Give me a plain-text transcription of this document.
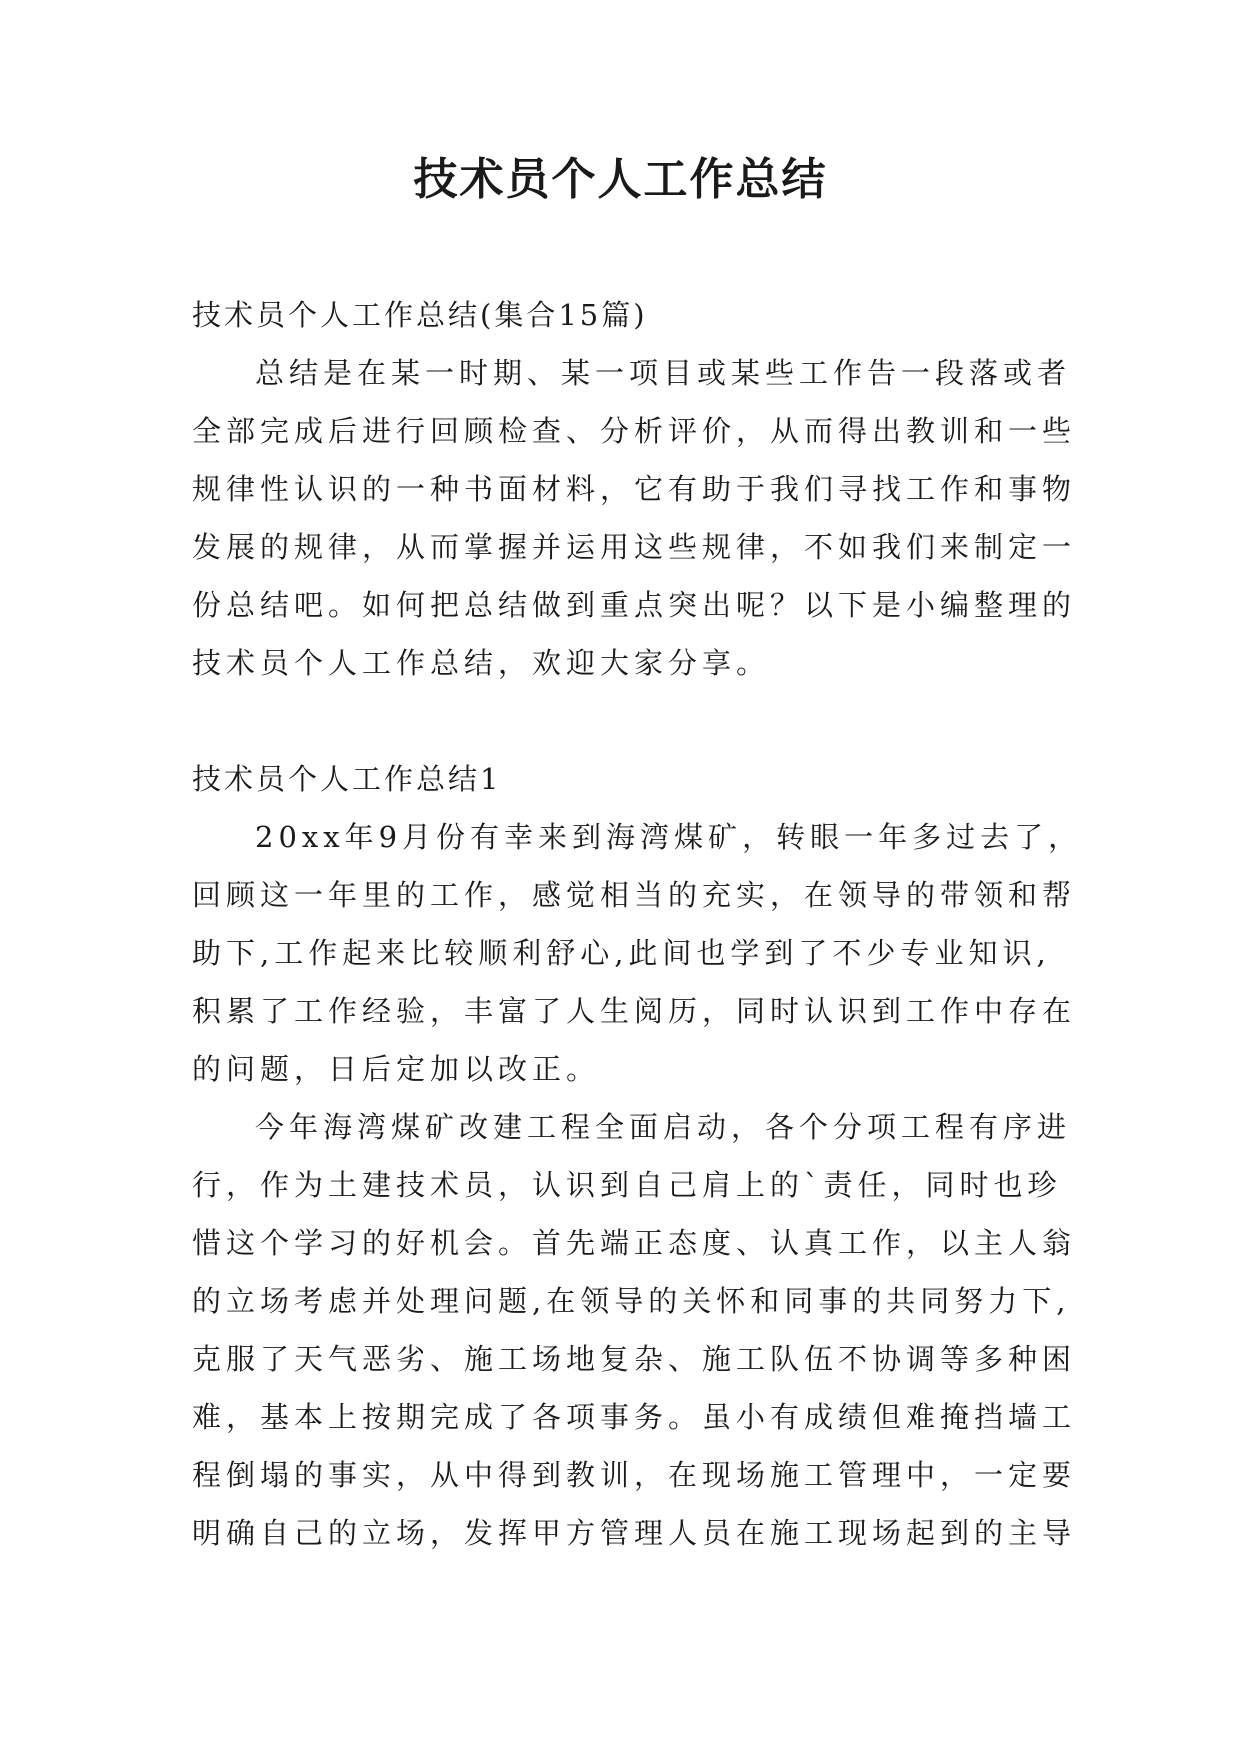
技术员个人工作总结

技术员个人工作总结(集合15篇)

总结是在某一时期、某一项目或某些工作告一段落或者

全部完成后进行回顾检查、分析评价，从而得出教训和一些

规律性认识的一种书面材料，它有助于我们寻找工作和事物

发展的规律，从而掌握并运用这些规律，不如我们来制定一

份总结吧。如何把总结做到重点突出呢？以下是小编整理的

技术员个人工作总结，欢迎大家分享。

技术员个人工作总结1

20xx年9月份有幸来到海湾煤矿，转眼一年多过去了，

回顾这一年里的工作，感觉相当的充实，在领导的带领和帮

助下,工作起来比较顺利舒心,此间也学到了不少专业知识,

积累了工作经验，丰富了人生阅历，同时认识到工作中存在

的问题，日后定加以改正。

今年海湾煤矿改建工程全面启动，各个分项工程有序进

行，作为土建技术员，认识到自己肩上的`责任，同时也珍

惜这个学习的好机会。首先端正态度、认真工作，以主人翁

的立场考虑并处理问题,在领导的关怀和同事的共同努力下,

克服了天气恶劣、施工场地复杂、施工队伍不协调等多种困

难，基本上按期完成了各项事务。虽小有成绩但难掩挡墙工

程倒塌的事实，从中得到教训，在现场施工管理中，一定要

明确自己的立场，发挥甲方管理人员在施工现场起到的主导
